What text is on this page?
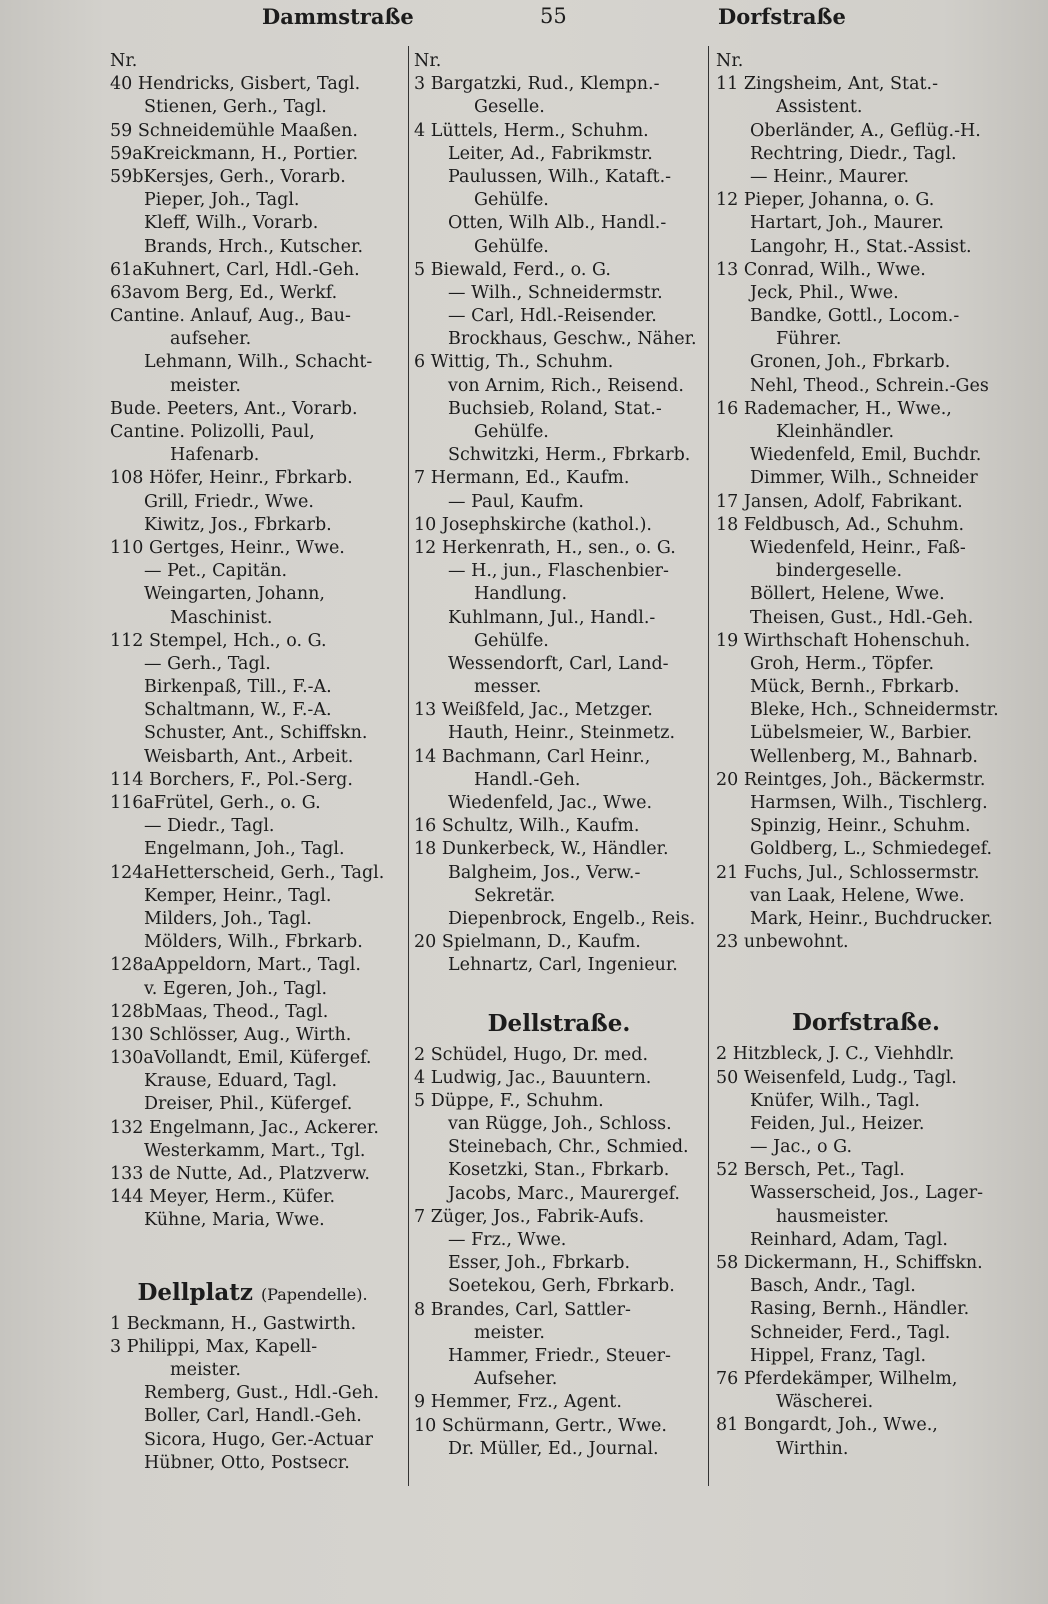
Dammstraße	55	Dorfstraße
Nr.
40 Hendricks, Gisbert, Tagl.
Stienen, Gerh., Tagl.
59 Schneidemühle Maaßen.
59aKreickmann, H., Portier.
59bKersjes, Gerh., Vorarb.
Pieper, Joh., Tagl.
Kleff, Wilh., Vorarb.
Brands, Hrch., Kutscher.
61aKuhnert, Carl, Hdl.-Geh.
63avom Berg, Ed., Werkf.
Cantine. Anlauf, Aug., Bau-
aufseher.
Lehmann, Wilh., Schacht-
meister.
Bude. Peeters, Ant., Vorarb.
Cantine. Polizolli, Paul,
Hafenarb.
108 Höfer, Heinr., Fbrkarb.
Grill, Friedr., Wwe.
Kiwitz, Jos., Fbrkarb.
110 Gertges, Heinr., Wwe.
— Pet., Capitän.
Weingarten, Johann,
Maschinist.
112 Stempel, Hch., o. G.
— Gerh., Tagl.
Birkenpaß, Till., F.-A.
Schaltmann, W., F.-A.
Schuster, Ant., Schiffskn.
Weisbarth, Ant., Arbeit.
114 Borchers, F., Pol.-Serg.
116aFrütel, Gerh., o. G.
— Diedr., Tagl.
Engelmann, Joh., Tagl.
124aHetterscheid, Gerh., Tagl.
Kemper, Heinr., Tagl.
Milders, Joh., Tagl.
Mölders, Wilh., Fbrkarb.
128aAppeldorn, Mart., Tagl.
v. Egeren, Joh., Tagl.
128bMaas, Theod., Tagl.
130 Schlösser, Aug., Wirth.
130aVollandt, Emil, Küfergef.
Krause, Eduard, Tagl.
Dreiser, Phil., Küfergef.
132 Engelmann, Jac., Ackerer.
Westerkamm, Mart., Tgl.
133 de Nutte, Ad., Platzverw.
144 Meyer, Herm., Küfer.
Kühne, Maria, Wwe.
Dellplatz (Papendelle).
1 Beckmann, H., Gastwirth.
3 Philippi, Max, Kapell-
meister.
Remberg, Gust., Hdl.-Geh.
Boller, Carl, Handl.-Geh.
Sicora, Hugo, Ger.-Actuar
Hübner, Otto, Postsecr.
Nr.
3 Bargatzki, Rud., Klempn.-
Geselle.
4 Lüttels, Herm., Schuhm.
Leiter, Ad., Fabrikmstr.
Paulussen, Wilh., Kataft.-
Gehülfe.
Otten, Wilh Alb., Handl.-
Gehülfe.
5 Biewald, Ferd., o. G.
— Wilh., Schneidermstr.
— Carl, Hdl.-Reisender.
Brockhaus, Geschw., Näher.
6 Wittig, Th., Schuhm.
von Arnim, Rich., Reisend.
Buchsieb, Roland, Stat.-
Gehülfe.
Schwitzki, Herm., Fbrkarb.
7 Hermann, Ed., Kaufm.
— Paul, Kaufm.
10 Josephskirche (kathol.).
12 Herkenrath, H., sen., o. G.
— H., jun., Flaschenbier-
Handlung.
Kuhlmann, Jul., Handl.-
Gehülfe.
Wessendorft, Carl, Land-
messer.
13 Weißfeld, Jac., Metzger.
Hauth, Heinr., Steinmetz.
14 Bachmann, Carl Heinr.,
Handl.-Geh.
Wiedenfeld, Jac., Wwe.
16 Schultz, Wilh., Kaufm.
18 Dunkerbeck, W., Händler.
Balgheim, Jos., Verw.-
Sekretär.
Diepenbrock, Engelb., Reis.
20 Spielmann, D., Kaufm.
Lehnartz, Carl, Ingenieur.
Dellstraße.
2 Schüdel, Hugo, Dr. med.
4 Ludwig, Jac., Bauuntern.
5 Düppe, F., Schuhm.
van Rügge, Joh., Schloss.
Steinebach, Chr., Schmied.
Kosetzki, Stan., Fbrkarb.
Jacobs, Marc., Maurergef.
7 Züger, Jos., Fabrik-Aufs.
— Frz., Wwe.
Esser, Joh., Fbrkarb.
Soetekou, Gerh, Fbrkarb.
8 Brandes, Carl, Sattler-
meister.
Hammer, Friedr., Steuer-
Aufseher.
9 Hemmer, Frz., Agent.
10 Schürmann, Gertr., Wwe.
Dr. Müller, Ed., Journal.
Nr.
11 Zingsheim, Ant, Stat.-
Assistent.
Oberländer, A., Geflüg.-H.
Rechtring, Diedr., Tagl.
— Heinr., Maurer.
12 Pieper, Johanna, o. G.
Hartart, Joh., Maurer.
Langohr, H., Stat.-Assist.
13 Conrad, Wilh., Wwe.
Jeck, Phil., Wwe.
Bandke, Gottl., Locom.-
Führer.
Gronen, Joh., Fbrkarb.
Nehl, Theod., Schrein.-Ges
16 Rademacher, H., Wwe.,
Kleinhändler.
Wiedenfeld, Emil, Buchdr.
Dimmer, Wilh., Schneider
17 Jansen, Adolf, Fabrikant.
18 Feldbusch, Ad., Schuhm.
Wiedenfeld, Heinr., Faß-
bindergeselle.
Böllert, Helene, Wwe.
Theisen, Gust., Hdl.-Geh.
19 Wirthschaft Hohenschuh.
Groh, Herm., Töpfer.
Mück, Bernh., Fbrkarb.
Bleke, Hch., Schneidermstr.
Lübelsmeier, W., Barbier.
Wellenberg, M., Bahnarb.
20 Reintges, Joh., Bäckermstr.
Harmsen, Wilh., Tischlerg.
Spinzig, Heinr., Schuhm.
Goldberg, L., Schmiedegef.
21 Fuchs, Jul., Schlossermstr.
van Laak, Helene, Wwe.
Mark, Heinr., Buchdrucker.
23 unbewohnt.
Dorfstraße.
2 Hitzbleck, J. C., Viehhdlr.
50 Weisenfeld, Ludg., Tagl.
Knüfer, Wilh., Tagl.
Feiden, Jul., Heizer.
— Jac., o G.
52 Bersch, Pet., Tagl.
Wasserscheid, Jos., Lager-
hausmeister.
Reinhard, Adam, Tagl.
58 Dickermann, H., Schiffskn.
Basch, Andr., Tagl.
Rasing, Bernh., Händler.
Schneider, Ferd., Tagl.
Hippel, Franz, Tagl.
76 Pferdekämper, Wilhelm,
Wäscherei.
81 Bongardt, Joh., Wwe.,
Wirthin.
